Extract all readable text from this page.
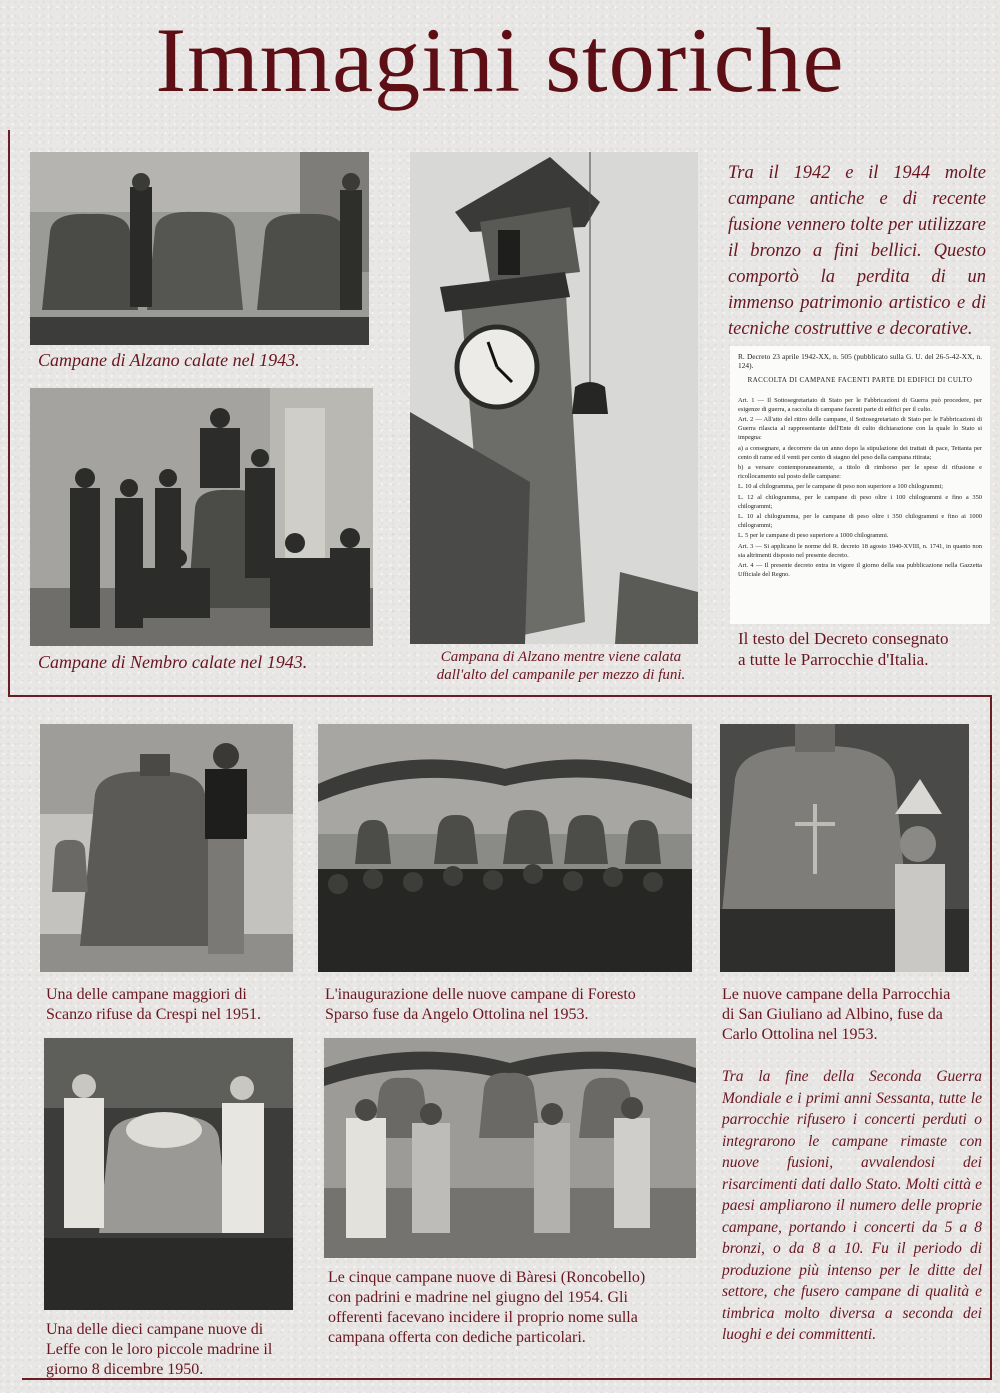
Immagini storiche
Campane di Alzano calate nel 1943.
Campane di Nembro calate nel 1943.	Campana di Alzano mentre viene calata
dall'alto del campanile per mezzo di funi.
Tra il 1942 e il 1944 molte campane antiche e di recente fusione vennero tolte per utilizzare il bronzo a fini bellici. Questo comportò la perdita di un immenso patrimonio artistico e di tecniche costruttive e decorative.

R. Decreto 23 aprile 1942-XX, n. 505 (pubblicato sulla G. U. del 26-5-42-XX, n. 124).

RACCOLTA DI CAMPANE FACENTI PARTE DI EDIFICI DI CULTO

Art. 1 — Il Sottosegretariato di Stato per le Fabbricazioni di Guerra può procedere, per esigenze di guerra, a raccolta di campane facenti parte di edifici per il culto.

Art. 2 — All'atto del ritiro delle campane, il Sottosegretariato di Stato per le Fabbricazioni di Guerra rilascia al rappresentante dell'Ente di culto dichiarazione con la quale lo Stato si impegna:

a) a consegnare, a decorrere da un anno dopo la stipulazione dei trattati di pace, Tettanta per cento di rame ed il venti per cento di stagno del peso della campana ritirata;

b) a versare contemporaneamente, a titolo di rimborso per le spese di rifusione e ricollocamento sul posto delle campane:

L. 10 al chilogramma, per le campane di peso non superiore a 100 chilogrammi;

L. 12 al chilogramma, per le campane di peso oltre i 100 chilogrammi e fino a 350 chilogrammi;

L. 10 al chilogramma, per le campane di peso oltre i 350 chilogrammi e fino ai 1000 chilogrammi;

L. 5 per le campane di peso superiore a 1000 chilogrammi.

Art. 3 — Si applicano le norme del R. decreto 18 agosto 1940-XVIII, n. 1741, in quanto non sia altrimenti disposto nel presente decreto.

Art. 4 — Il presente decreto entra in vigore il giorno della sua pubblicazione nella Gazzetta Ufficiale del Regno.

Il testo del Decreto consegnato
a tutte le Parrocchie d'Italia.
Una delle campane maggiori di
Scanzo rifuse da Crespi nel 1951.
L'inaugurazione delle nuove campane di Foresto
Sparso fuse da Angelo Ottolina nel 1953.
Le nuove campane della Parrocchia
di San Giuliano ad Albino, fuse da
Carlo Ottolina nel 1953.
Una delle dieci campane nuove di
Leffe con le loro piccole madrine il
giorno 8 dicembre 1950.
Le cinque campane nuove di Bàresi (Roncobello)
con padrini e madrine nel giugno del 1954. Gli
offerenti facevano incidere il proprio nome sulla
campana offerta con dediche particolari.
Tra la fine della Seconda Guerra Mondiale e i primi anni Sessanta, tutte le parrocchie rifusero i concerti perduti o integrarono le campane rimaste con nuove fusioni, avvalendosi dei risarcimenti dati dallo Stato. Molti città e paesi ampliarono il numero delle proprie campane, portando i concerti da 5 a 8 bronzi, o da 8 a 10. Fu il periodo di produzione più intenso per le ditte del settore, che fusero campane di qualità e timbrica molto diversa a seconda dei luoghi e dei committenti.
